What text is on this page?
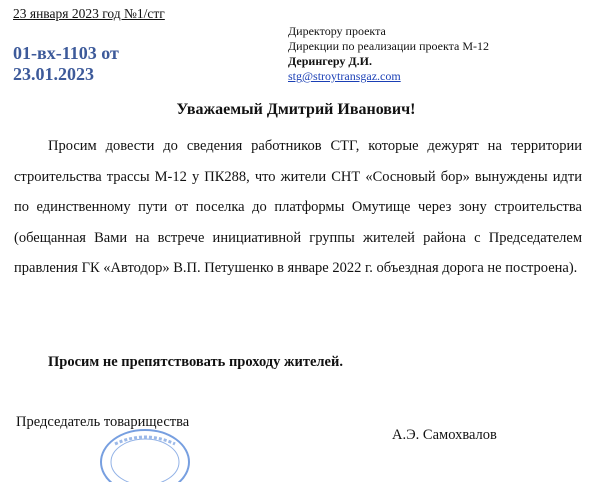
23 января 2023 год №1/стг
01-вх-1103 от
23.01.2023
Директору проекта
Дирекции по реализации проекта М-12
Дерингеру Д.И.
stg@stroytransgaz.com
Уважаемый Дмитрий Иванович!

Просим довести до сведения работников СТГ, которые дежурят на территории строительства трассы М-12 у ПК288, что жители СНТ «Сосновый бор» вынуждены идти по единственному пути от поселка до платформы Омутище через зону строительства (обещанная Вами на встрече инициативной группы жителей района с Председателем правления ГК «Автодор» В.П. Петушенко в январе 2022 г. объездная дорога не построена).

Просим не препятствовать проходу жителей.
Председатель товарищества
А.Э. Самохвалов
